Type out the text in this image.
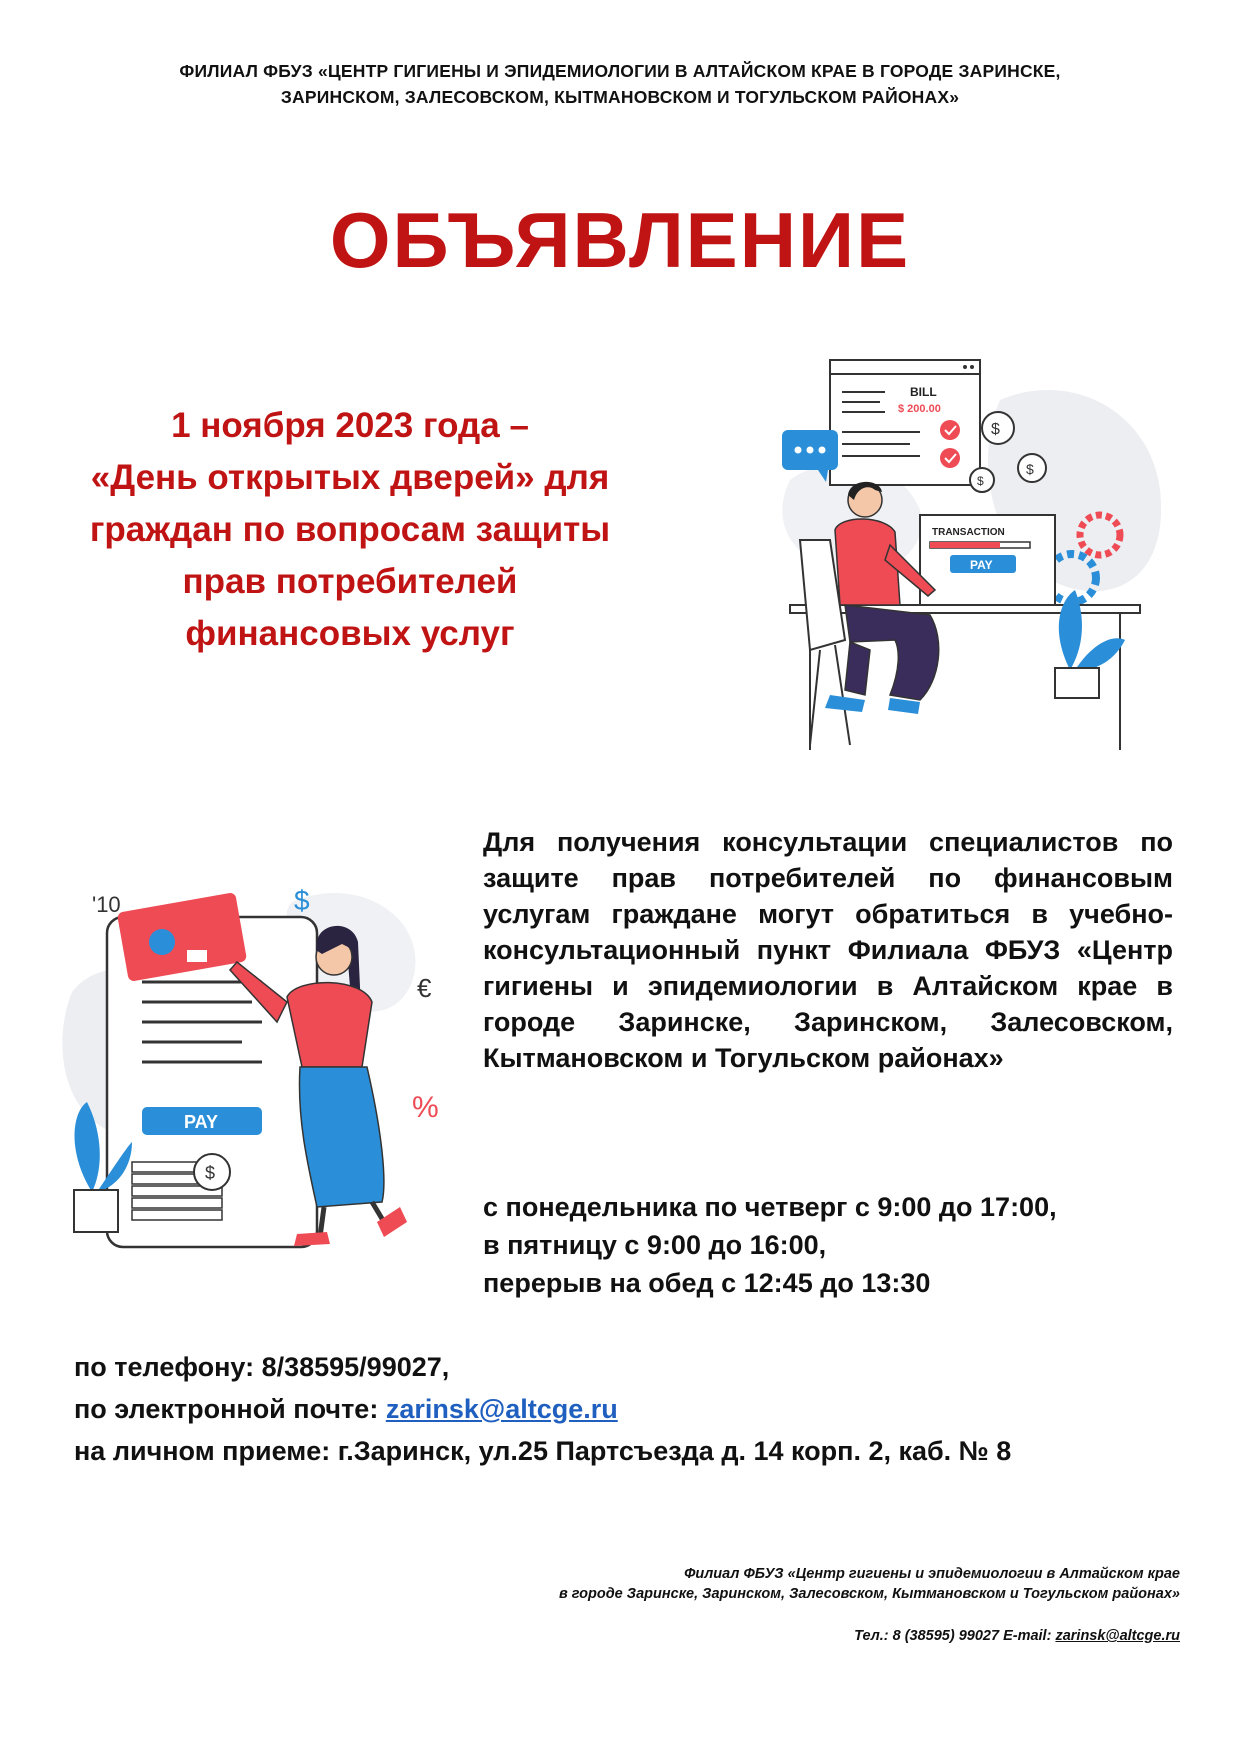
ФИЛИАЛ ФБУЗ «ЦЕНТР ГИГИЕНЫ И ЭПИДЕМИОЛОГИИ В АЛТАЙСКОМ КРАЕ В ГОРОДЕ ЗАРИНСКЕ,
ЗАРИНСКОМ, ЗАЛЕСОВСКОМ, КЫТМАНОВСКОМ И ТОГУЛЬСКОМ РАЙОНАХ»
ОБЪЯВЛЕНИЕ
1 ноября 2023 года –
«День открытых дверей» для
граждан по вопросам защиты
прав потребителей
финансовых услуг
BILL
$ 200.00
$
$
$
TRANSACTION
PAY
'10	$
€
%
PAY
$
Для получения консультации специалистов по защите прав потребителей по финансовым услугам граждане могут обратиться в учебно-консультационный пункт Филиала ФБУЗ «Центр гигиены и эпидемиологии в Алтайском крае в городе Заринске, Заринском, Залесовском, Кытмановском и Тогульском районах»
с понедельника по четверг с 9:00 до 17:00,
в пятницу с 9:00 до 16:00,
перерыв на обед с 12:45 до 13:30
по телефону: 8/38595/99027,
по электронной почте: zarinsk@altcge.ru
на личном приеме: г.Заринск, ул.25 Партсъезда д. 14 корп. 2, каб. № 8
Филиал ФБУЗ «Центр гигиены и эпидемиологии в Алтайском крае
в городе Заринске, Заринском, Залесовском, Кытмановском и Тогульском районах»
Тел.: 8 (38595) 99027 E-mail: zarinsk@altcge.ru
